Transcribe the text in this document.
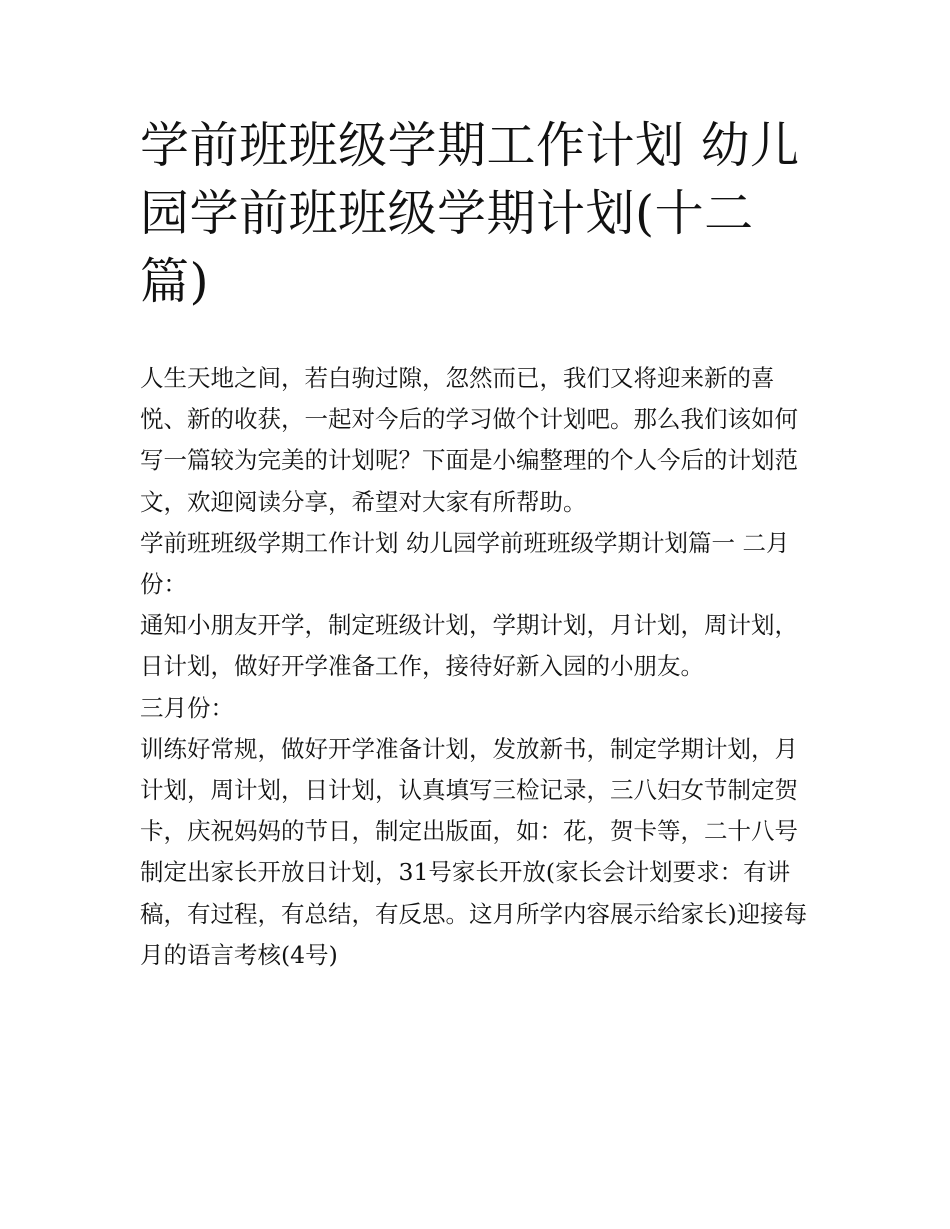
学前班班级学期工作计划 幼儿园学前班班级学期计划(十二篇)

人生天地之间，若白驹过隙，忽然而已，我们又将迎来新的喜悦、新的收获，一起对今后的学习做个计划吧。那么我们该如何写一篇较为完美的计划呢？下面是小编整理的个人今后的计划范文，欢迎阅读分享，希望对大家有所帮助。

学前班班级学期工作计划 幼儿园学前班班级学期计划篇一 二月份：

通知小朋友开学，制定班级计划，学期计划，月计划，周计划，日计划，做好开学准备工作，接待好新入园的小朋友。

三月份：

训练好常规，做好开学准备计划，发放新书，制定学期计划，月计划，周计划，日计划，认真填写三检记录，三八妇女节制定贺卡，庆祝妈妈的节日，制定出版面，如：花，贺卡等，二十八号制定出家长开放日计划，31号家长开放(家长会计划要求：有讲稿，有过程，有总结，有反思。这月所学内容展示给家长)迎接每月的语言考核(4号)
